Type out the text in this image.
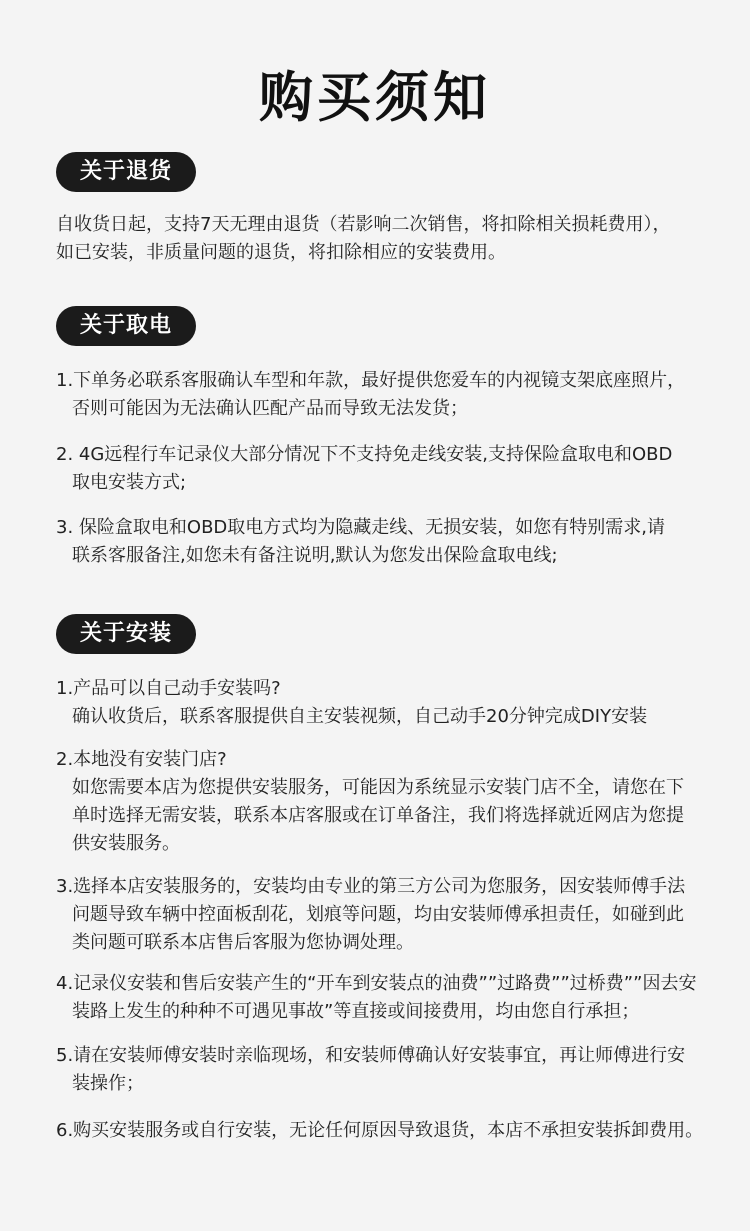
购买须知
关于退货
自收货日起，支持7天无理由退货（若影响二次销售，将扣除相关损耗费用），
如已安装，非质量问题的退货，将扣除相应的安装费用。
关于取电
1.下单务必联系客服确认车型和年款，最好提供您爱车的内视镜支架底座照片，
否则可能因为无法确认匹配产品而导致无法发货；
2. 4G远程行车记录仪大部分情况下不支持免走线安装,支持保险盒取电和OBD
取电安装方式;
3. 保险盒取电和OBD取电方式均为隐藏走线、无损安装，如您有特别需求,请
联系客服备注,如您未有备注说明,默认为您发出保险盒取电线;
关于安装
1.产品可以自己动手安装吗?
确认收货后，联系客服提供自主安装视频，自己动手20分钟完成DIY安装
2.本地没有安装门店?
如您需要本店为您提供安装服务，可能因为系统显示安装门店不全，请您在下
单时选择无需安装，联系本店客服或在订单备注，我们将选择就近网店为您提
供安装服务。
3.选择本店安装服务的，安装均由专业的第三方公司为您服务，因安装师傅手法
问题导致车辆中控面板刮花，划痕等问题，均由安装师傅承担责任，如碰到此
类问题可联系本店售后客服为您协调处理。
4.记录仪安装和售后安装产生的“开车到安装点的油费””过路费””过桥费””因去安
装路上发生的种种不可遇见事故”等直接或间接费用，均由您自行承担；
5.请在安装师傅安装时亲临现场，和安装师傅确认好安装事宜，再让师傅进行安
装操作；
6.购买安装服务或自行安装，无论任何原因导致退货，本店不承担安装拆卸费用。
